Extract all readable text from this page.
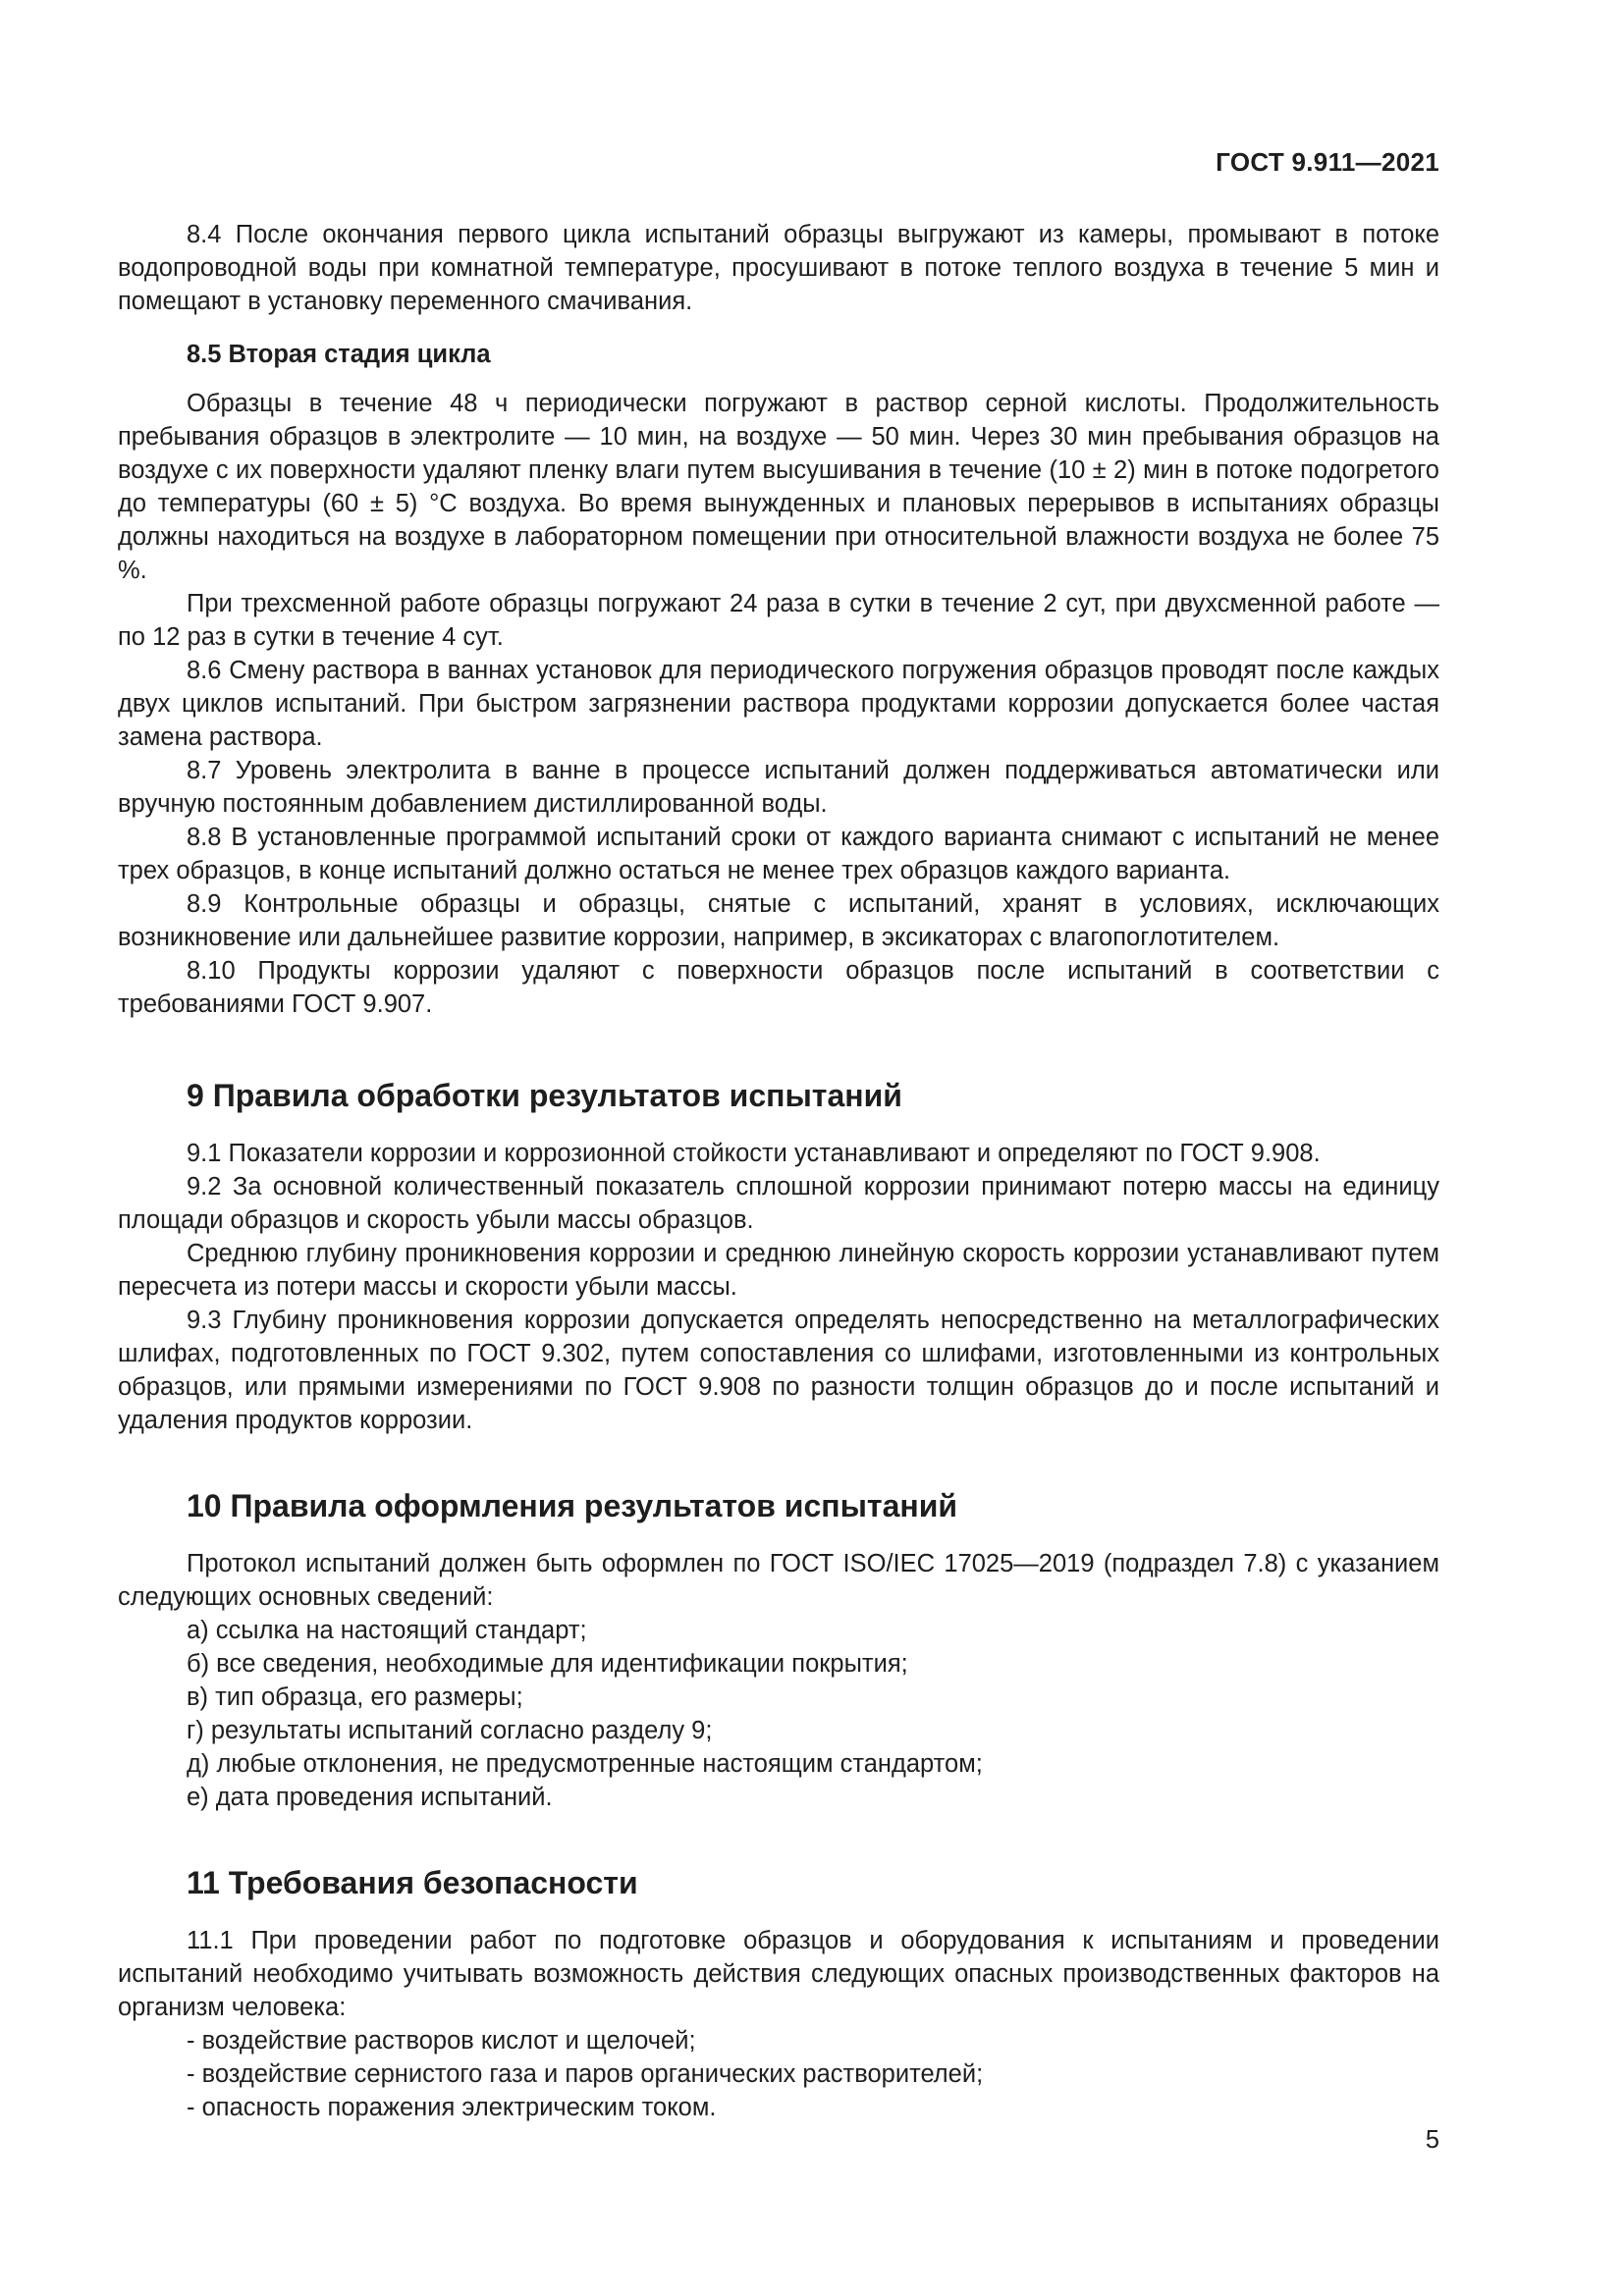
ГОСТ 9.911—2021

8.4 После окончания первого цикла испытаний образцы выгружают из камеры, промывают в потоке водопроводной воды при комнатной температуре, просушивают в потоке теплого воздуха в течение 5 мин и помещают в установку переменного смачивания.

8.5 Вторая стадия цикла

Образцы в течение 48 ч периодически погружают в раствор серной кислоты. Продолжительность пребывания образцов в электролите — 10 мин, на воздухе — 50 мин. Через 30 мин пребывания образцов на воздухе с их поверхности удаляют пленку влаги путем высушивания в течение (10 ± 2) мин в потоке подогретого до температуры (60 ± 5) °С воздуха. Во время вынужденных и плановых перерывов в испытаниях образцы должны находиться на воздухе в лабораторном помещении при относительной влажности воздуха не более 75 %.

При трехсменной работе образцы погружают 24 раза в сутки в течение 2 сут, при двухсменной работе — по 12 раз в сутки в течение 4 сут.

8.6 Смену раствора в ваннах установок для периодического погружения образцов проводят после каждых двух циклов испытаний. При быстром загрязнении раствора продуктами коррозии допускается более частая замена раствора.

8.7 Уровень электролита в ванне в процессе испытаний должен поддерживаться автоматически или вручную постоянным добавлением дистиллированной воды.

8.8 В установленные программой испытаний сроки от каждого варианта снимают с испытаний не менее трех образцов, в конце испытаний должно остаться не менее трех образцов каждого варианта.

8.9 Контрольные образцы и образцы, снятые с испытаний, хранят в условиях, исключающих возникновение или дальнейшее развитие коррозии, например, в эксикаторах с влагопоглотителем.

8.10 Продукты коррозии удаляют с поверхности образцов после испытаний в соответствии с требованиями ГОСТ 9.907.

9 Правила обработки результатов испытаний

9.1 Показатели коррозии и коррозионной стойкости устанавливают и определяют по ГОСТ 9.908.

9.2 За основной количественный показатель сплошной коррозии принимают потерю массы на единицу площади образцов и скорость убыли массы образцов.

Среднюю глубину проникновения коррозии и среднюю линейную скорость коррозии устанавливают путем пересчета из потери массы и скорости убыли массы.

9.3 Глубину проникновения коррозии допускается определять непосредственно на металлографических шлифах, подготовленных по ГОСТ 9.302, путем сопоставления со шлифами, изготовленными из контрольных образцов, или прямыми измерениями по ГОСТ 9.908 по разности толщин образцов до и после испытаний и удаления продуктов коррозии.

10 Правила оформления результатов испытаний

Протокол испытаний должен быть оформлен по ГОСТ ISO/IEC 17025—2019 (подраздел 7.8) с указанием следующих основных сведений:

а) ссылка на настоящий стандарт;

б) все сведения, необходимые для идентификации покрытия;

в) тип образца, его размеры;

г) результаты испытаний согласно разделу 9;

д) любые отклонения, не предусмотренные настоящим стандартом;

е) дата проведения испытаний.

11 Требования безопасности

11.1 При проведении работ по подготовке образцов и оборудования к испытаниям и проведении испытаний необходимо учитывать возможность действия следующих опасных производственных факторов на организм человека:

- воздействие растворов кислот и щелочей;

- воздействие сернистого газа и паров органических растворителей;

- опасность поражения электрическим током.

5
